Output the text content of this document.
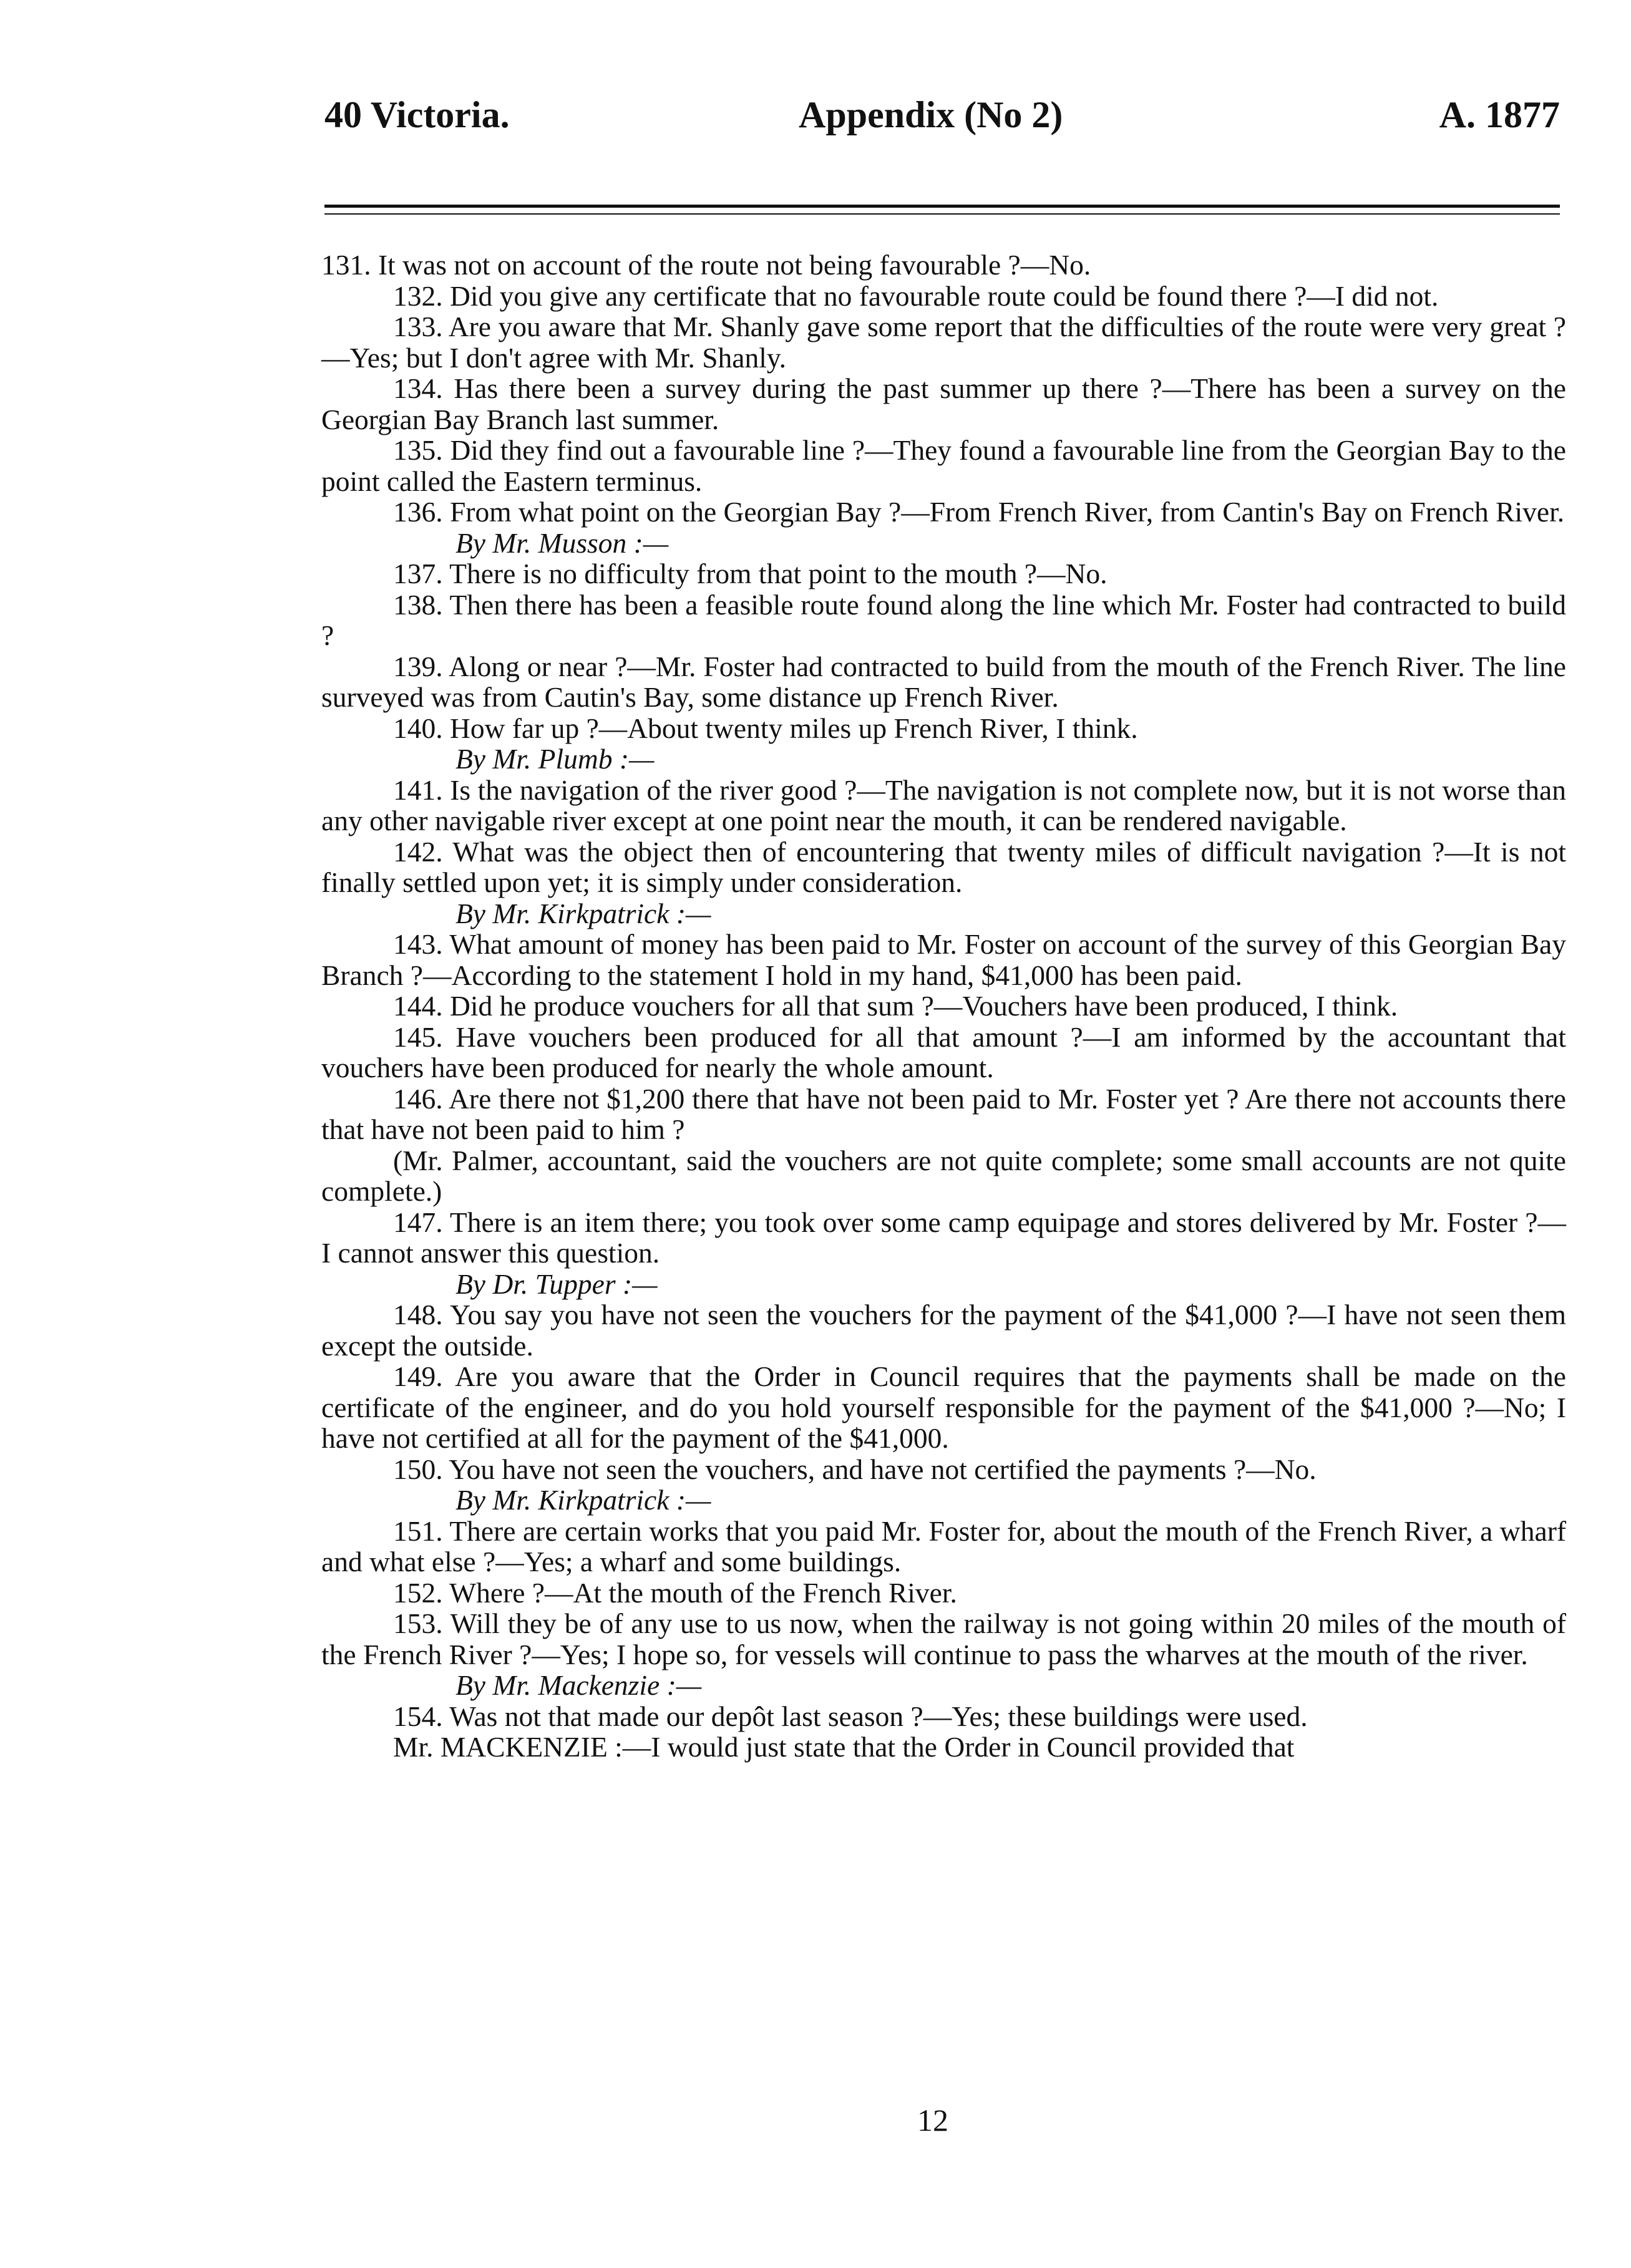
40 Victoria.	Appendix (No 2)	A. 1877

131. It was not on account of the route not being favourable ?—No.

132. Did you give any certificate that no favourable route could be found there ?—I did not.

133. Are you aware that Mr. Shanly gave some report that the difficulties of the route were very great ?—Yes; but I don't agree with Mr. Shanly.

134. Has there been a survey during the past summer up there ?—There has been a survey on the Georgian Bay Branch last summer.

135. Did they find out a favourable line ?—They found a favourable line from the Georgian Bay to the point called the Eastern terminus.

136. From what point on the Georgian Bay ?—From French River, from Cantin's Bay on French River.

By Mr. Musson :—

137. There is no difficulty from that point to the mouth ?—No.

138. Then there has been a feasible route found along the line which Mr. Foster had contracted to build ?

139. Along or near ?—Mr. Foster had contracted to build from the mouth of the French River. The line surveyed was from Cautin's Bay, some distance up French River.

140. How far up ?—About twenty miles up French River, I think.

By Mr. Plumb :—

141. Is the navigation of the river good ?—The navigation is not complete now, but it is not worse than any other navigable river except at one point near the mouth, it can be rendered navigable.

142. What was the object then of encountering that twenty miles of difficult navigation ?—It is not finally settled upon yet; it is simply under consideration.

By Mr. Kirkpatrick :—

143. What amount of money has been paid to Mr. Foster on account of the survey of this Georgian Bay Branch ?—According to the statement I hold in my hand, $41,000 has been paid.

144. Did he produce vouchers for all that sum ?—Vouchers have been produced, I think.

145. Have vouchers been produced for all that amount ?—I am informed by the accountant that vouchers have been produced for nearly the whole amount.

146. Are there not $1,200 there that have not been paid to Mr. Foster yet ? Are there not accounts there that have not been paid to him ?

(Mr. Palmer, accountant, said the vouchers are not quite complete; some small accounts are not quite complete.)

147. There is an item there; you took over some camp equipage and stores delivered by Mr. Foster ?—I cannot answer this question.

By Dr. Tupper :—

148. You say you have not seen the vouchers for the payment of the $41,000 ?—I have not seen them except the outside.

149. Are you aware that the Order in Council requires that the payments shall be made on the certificate of the engineer, and do you hold yourself responsible for the payment of the $41,000 ?—No; I have not certified at all for the payment of the $41,000.

150. You have not seen the vouchers, and have not certified the payments ?—No.

By Mr. Kirkpatrick :—

151. There are certain works that you paid Mr. Foster for, about the mouth of the French River, a wharf and what else ?—Yes; a wharf and some buildings.

152. Where ?—At the mouth of the French River.

153. Will they be of any use to us now, when the railway is not going within 20 miles of the mouth of the French River ?—Yes; I hope so, for vessels will continue to pass the wharves at the mouth of the river.

By Mr. Mackenzie :—

154. Was not that made our depôt last season ?—Yes; these buildings were used.

Mr. MACKENZIE :—I would just state that the Order in Council provided that

12
